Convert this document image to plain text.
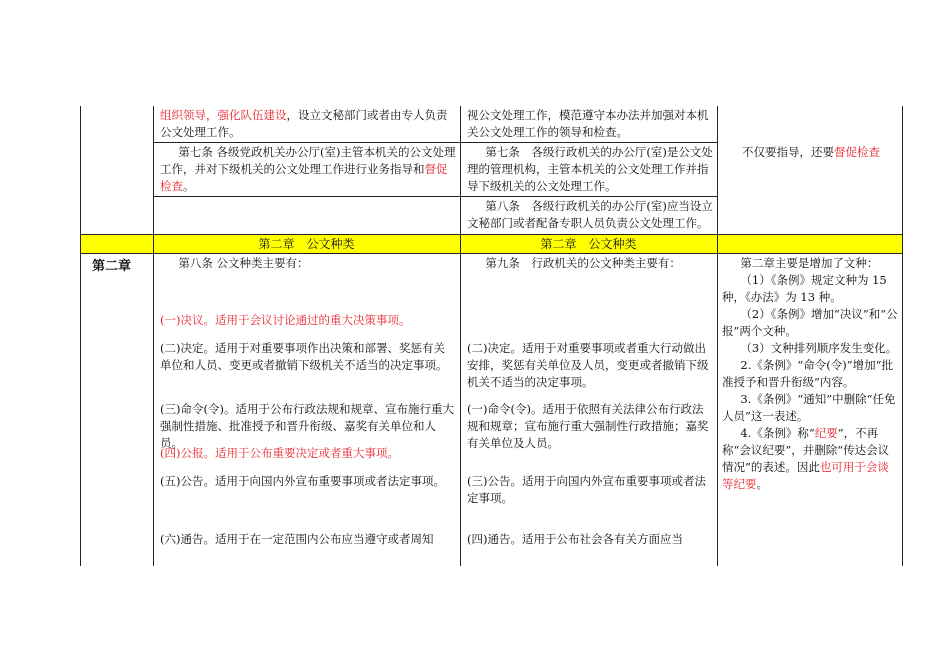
组织领导，强化队伍建设，设立文秘部门或者由专人负责公文处理工作。
视公文处理工作，模范遵守本办法并加强对本机关公文处理工作的领导和检查。
第七条 各级党政机关办公厅(室)主管本机关的公文处理工作，并对下级机关的公文处理工作进行业务指导和督促检查。
第七条　各级行政机关的办公厅(室)是公文处理的管理机构，主管本机关的公文处理工作并指导下级机关的公文处理工作。
不仅要指导，还要督促检查
第八条　各级行政机关的办公厅(室)应当设立文秘部门或者配备专职人员负责公文处理工作。
第二章　公文种类	第二章　公文种类
第二章	第八条 公文种类主要有：
(一)决议。适用于会议讨论通过的重大决策事项。
(二)决定。适用于对重要事项作出决策和部署、奖惩有关单位和人员、变更或者撤销下级机关不适当的决定事项。
(三)命令(令)。适用于公布行政法规和规章、宣布施行重大强制性措施、批准授予和晋升衔级、嘉奖有关单位和人员。
(四)公报。适用于公布重要决定或者重大事项。
(五)公告。适用于向国内外宣布重要事项或者法定事项。
(六)通告。适用于在一定范围内公布应当遵守或者周知
第九条　行政机关的公文种类主要有：
(二)决定。适用于对重要事项或者重大行动做出安排，奖惩有关单位及人员，变更或者撤销下级机关不适当的决定事项。
(一)命令(令)。适用于依照有关法律公布行政法规和规章；宣布施行重大强制性行政措施；嘉奖有关单位及人员。
(三)公告。适用于向国内外宣布重要事项或者法定事项。
(四)通告。适用于公布社会各有关方面应当

第二章主要是增加了文种：

（1）《条例》规定文种为 15 种，《办法》为 13 种。

（2）《条例》增加“决议”和“公报”两个文种。

（3）文种排列顺序发生变化。

2.《条例》“命令(令)”增加“批准授予和晋升衔级”内容。

3.《条例》“通知”中删除“任免人员”这一表述。

4.《条例》称“纪要”，不再称“会议纪要”，并删除“传达会议情况”的表述。因此也可用于会谈等纪要。
